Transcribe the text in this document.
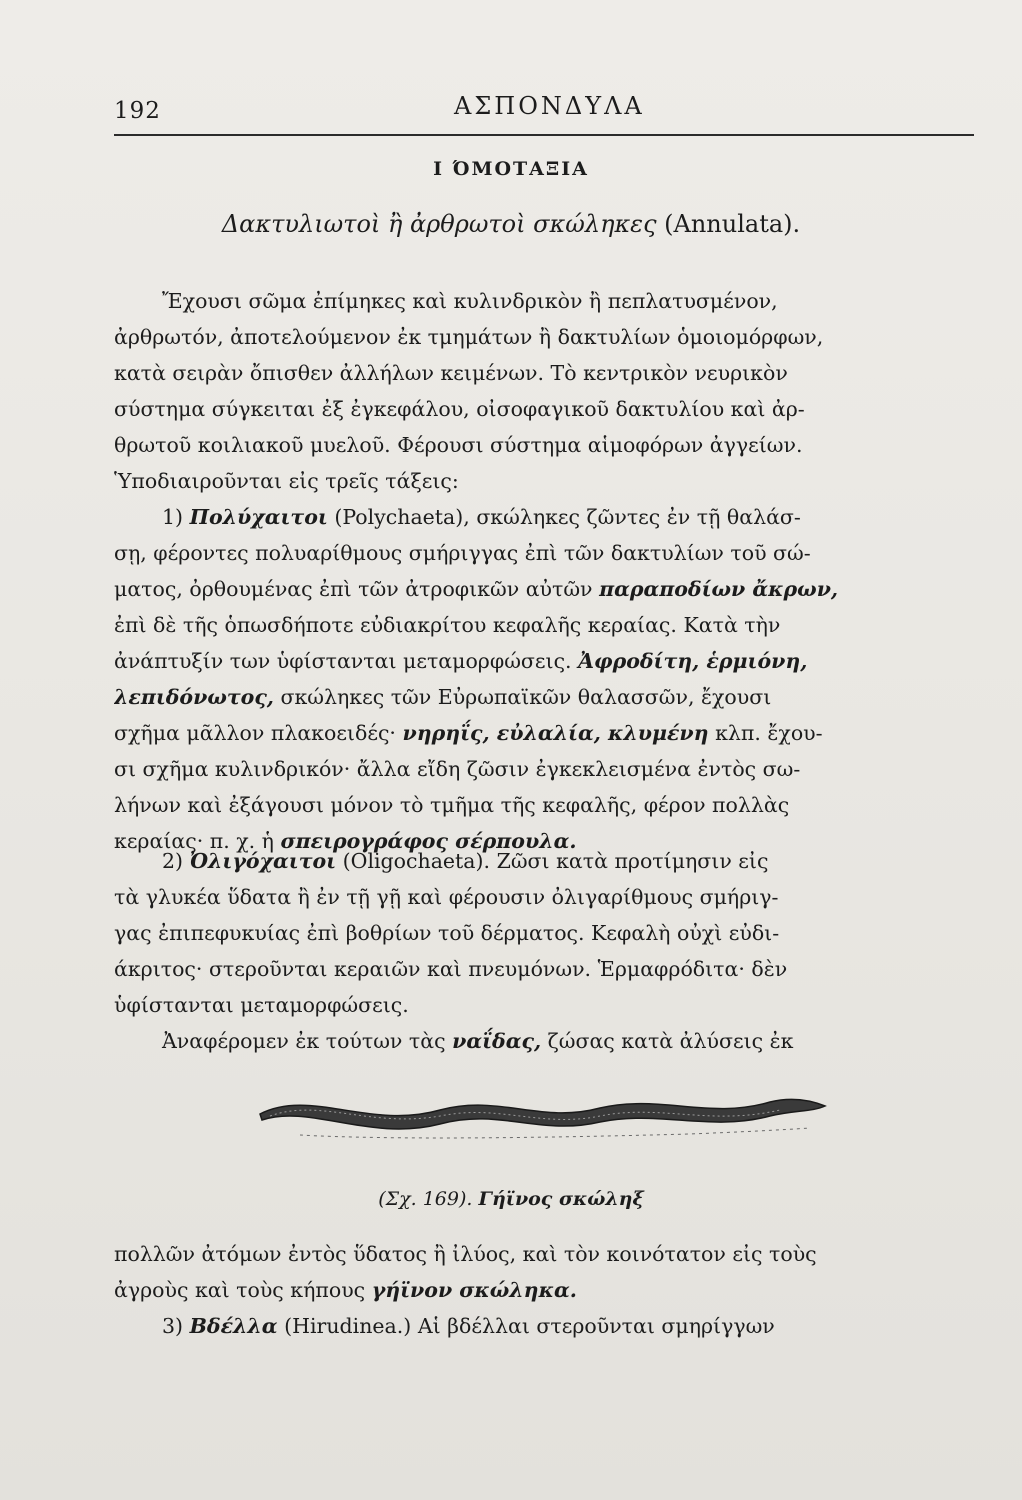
192	ΑΣΠΟΝΔΥΛΑ
Ι ΌΜΟΤΑΞΙΑ
Δακτυλιωτοὶ ἢ ἀρθρωτοὶ σκώληκες (Annulata).
Ἔχουσι σῶμα ἐπίμηκες καὶ κυλινδρικὸν ἢ πεπλατυσμένον,
ἀρθρωτόν, ἀποτελούμενον ἐκ τμημάτων ἢ δακτυλίων ὁμοιομόρφων,
κατὰ σειρὰν ὄπισθεν ἀλλήλων κειμένων. Τὸ κεντρικὸν νευρικὸν
σύστημα σύγκειται ἐξ ἐγκεφάλου, οἰσοφαγικοῦ δακτυλίου καὶ ἀρ-
θρωτοῦ κοιλιακοῦ μυελοῦ. Φέρουσι σύστημα αἱμοφόρων ἀγγείων.
Ὑποδιαιροῦνται εἰς τρεῖς τάξεις:
1) Πολύχαιτοι (Polychaeta), σκώληκες ζῶντες ἐν τῇ θαλάσ-
σῃ, φέροντες πολυαρίθμους σμήριγγας ἐπὶ τῶν δακτυλίων τοῦ σώ-
ματος, ὀρθουμένας ἐπὶ τῶν ἀτροφικῶν αὐτῶν παραποδίων ἄκρων,
ἐπὶ δὲ τῆς ὁπωσδήποτε εὐδιακρίτου κεφαλῆς κεραίας. Κατὰ τὴν
ἀνάπτυξίν των ὑφίστανται μεταμορφώσεις. Ἀφροδίτη, ἑρμιόνη,
λεπιδόνωτος, σκώληκες τῶν Εὐρωπαϊκῶν θαλασσῶν, ἔχουσι
σχῆμα μᾶλλον πλακοειδές· νηρηΐς, εὐλαλία, κλυμένη κλπ. ἔχου-
σι σχῆμα κυλινδρικόν· ἄλλα εἴδη ζῶσιν ἐγκεκλεισμένα ἐντὸς σω-
λήνων καὶ ἐξάγουσι μόνον τὸ τμῆμα τῆς κεφαλῆς, φέρον πολλὰς
κεραίας· π. χ. ἡ σπειρογράφος σέρπουλα.
2) Ὀλιγόχαιτοι (Oligochaeta). Ζῶσι κατὰ προτίμησιν εἰς
τὰ γλυκέα ὕδατα ἢ ἐν τῇ γῇ καὶ φέρουσιν ὀλιγαρίθμους σμήριγ-
γας ἐπιπεφυκυίας ἐπὶ βοθρίων τοῦ δέρματος. Κεφαλὴ οὐχὶ εὐδι-
άκριτος· στεροῦνται κεραιῶν καὶ πνευμόνων. Ἑρμαφρόδιτα· δὲν
ὑφίστανται μεταμορφώσεις.
Ἀναφέρομεν ἐκ τούτων τὰς ναΐδας, ζώσας κατὰ ἀλύσεις ἐκ
(Σχ. 169). Γήϊνος σκώληξ
πολλῶν ἀτόμων ἐντὸς ὕδατος ἢ ἰλύος, καὶ τὸν κοινότατον εἰς τοὺς
ἀγροὺς καὶ τοὺς κήπους γήϊνον σκώληκα.
3) Βδέλλα (Hirudinea.) Αἱ βδέλλαι στεροῦνται σμηρίγγων
